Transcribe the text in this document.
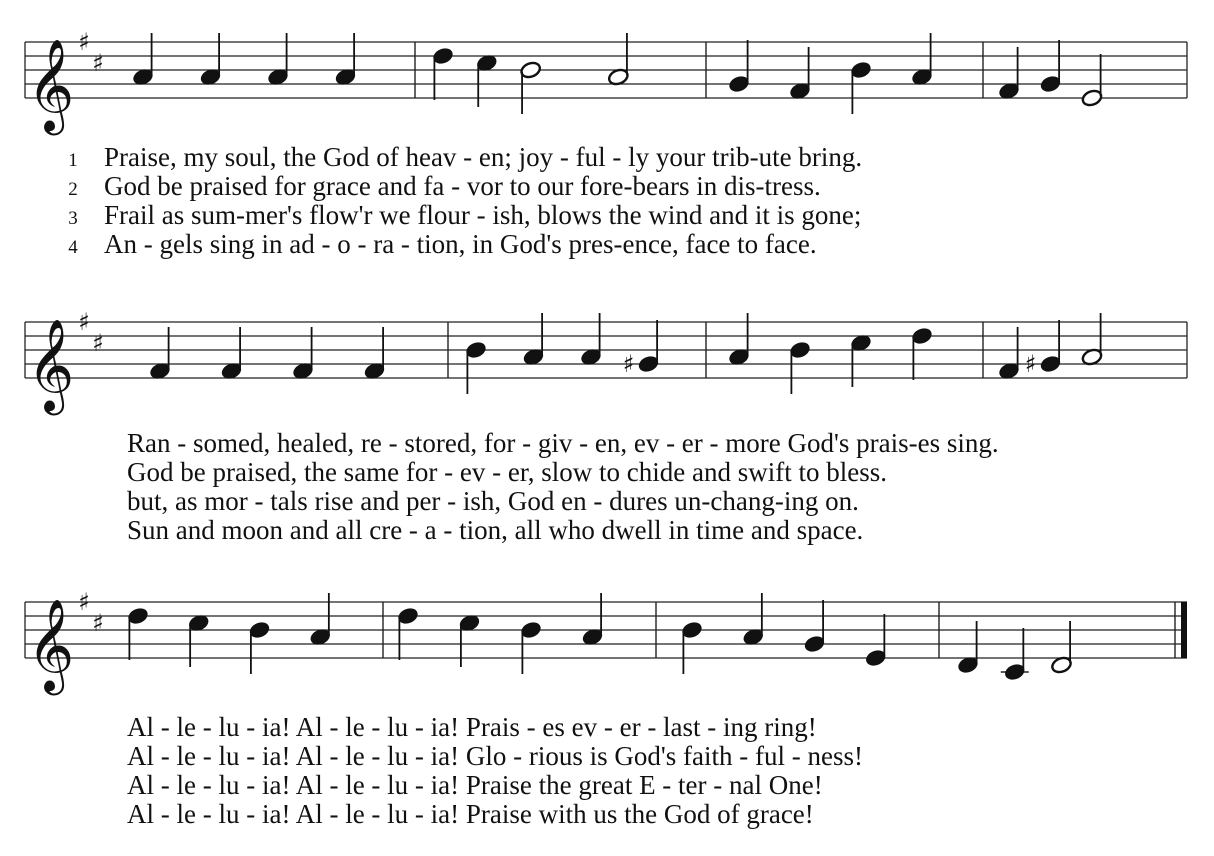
𝄞 ♯
♯
𝄞 ♯
♯
♯	♯
𝄞 ♯
♯
1
2
3
4
Praise, my soul, the God of heav - en; joy - ful - ly your trib-ute bring.
God be praised for grace and fa - vor to our fore-bears in dis-tress.
Frail as sum-mer's flow'r we flour - ish, blows the wind and it is gone;
An - gels sing in ad - o - ra - tion, in God's pres-ence, face to face.
Ran - somed, healed, re - stored, for - giv - en, ev - er - more God's prais-es sing.
God be praised, the same for - ev - er, slow to chide and swift to bless.
but, as mor - tals rise and per - ish, God en - dures un-chang-ing on.
Sun and moon and all cre - a - tion, all who dwell in time and space.
Al - le - lu - ia! Al - le - lu - ia! Prais - es ev - er - last - ing ring!
Al - le - lu - ia! Al - le - lu - ia! Glo - rious is God's faith - ful - ness!
Al - le - lu - ia! Al - le - lu - ia! Praise the great E - ter - nal One!
Al - le - lu - ia! Al - le - lu - ia! Praise with us the God of grace!
